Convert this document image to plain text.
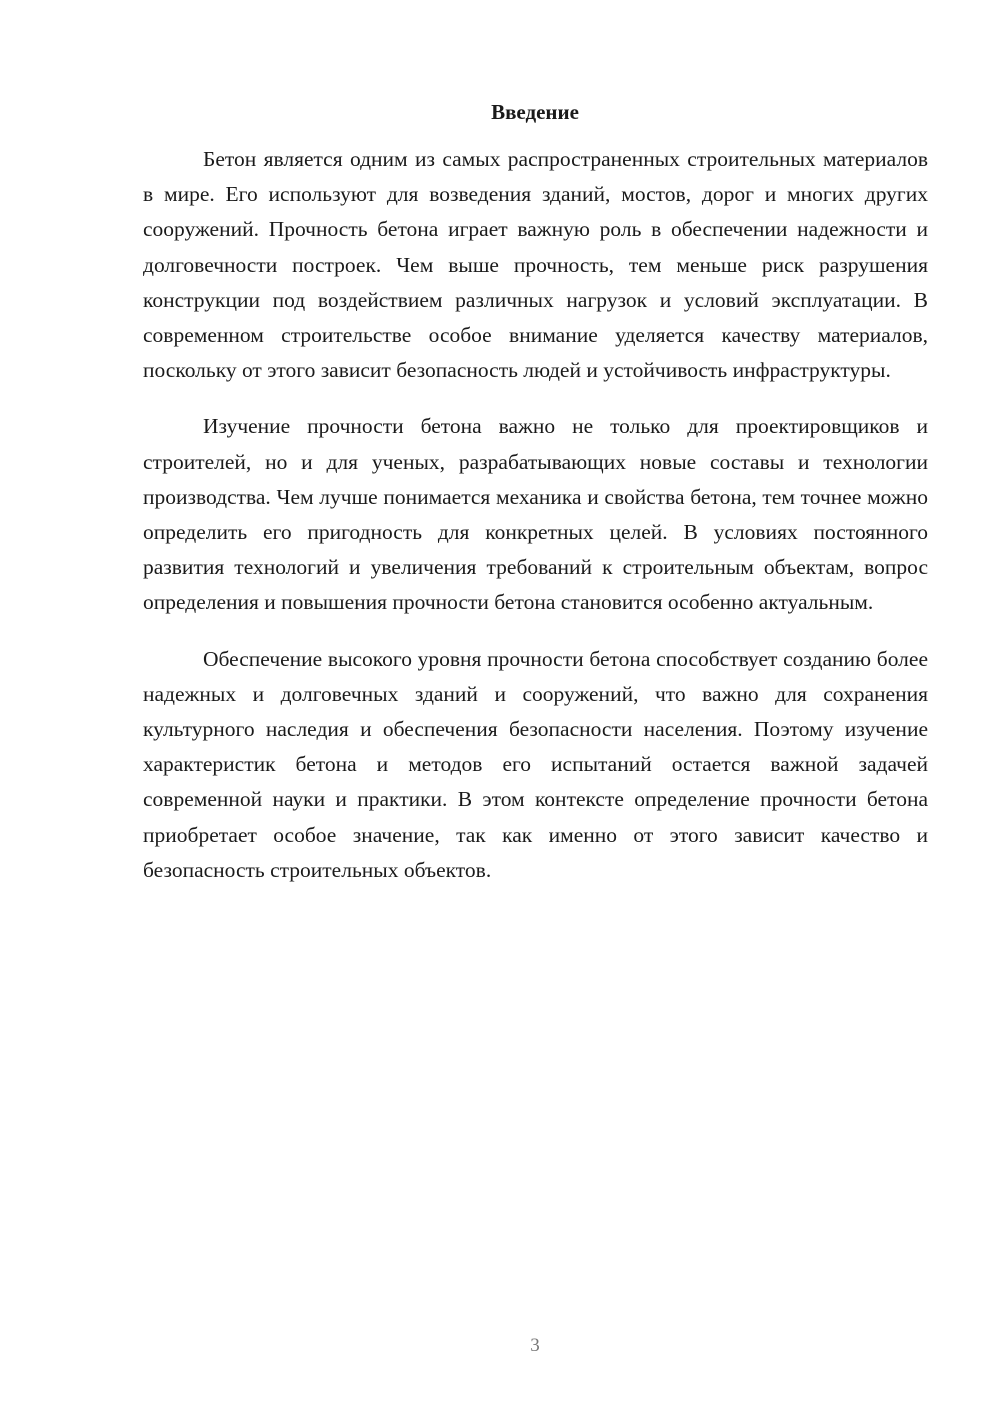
Введение

Бетон является одним из самых распространенных строительных материалов в мире. Его используют для возведения зданий, мостов, дорог и многих других сооружений. Прочность бетона играет важную роль в обеспечении надежности и долговечности построек. Чем выше прочность, тем меньше риск разрушения конструкции под воздействием различных нагрузок и условий эксплуатации. В современном строительстве особое внимание уделяется качеству материалов, поскольку от этого зависит безопасность людей и устойчивость инфраструктуры.

Изучение прочности бетона важно не только для проектировщиков и строителей, но и для ученых, разрабатывающих новые составы и технологии производства. Чем лучше понимается механика и свойства бетона, тем точнее можно определить его пригодность для конкретных целей. В условиях постоянного развития технологий и увеличения требований к строительным объектам, вопрос определения и повышения прочности бетона становится особенно актуальным.

Обеспечение высокого уровня прочности бетона способствует созданию более надежных и долговечных зданий и сооружений, что важно для сохранения культурного наследия и обеспечения безопасности населения. Поэтому изучение характеристик бетона и методов его испытаний остается важной задачей современной науки и практики. В этом контексте определение прочности бетона приобретает особое значение, так как именно от этого зависит качество и безопасность строительных объектов.

3
